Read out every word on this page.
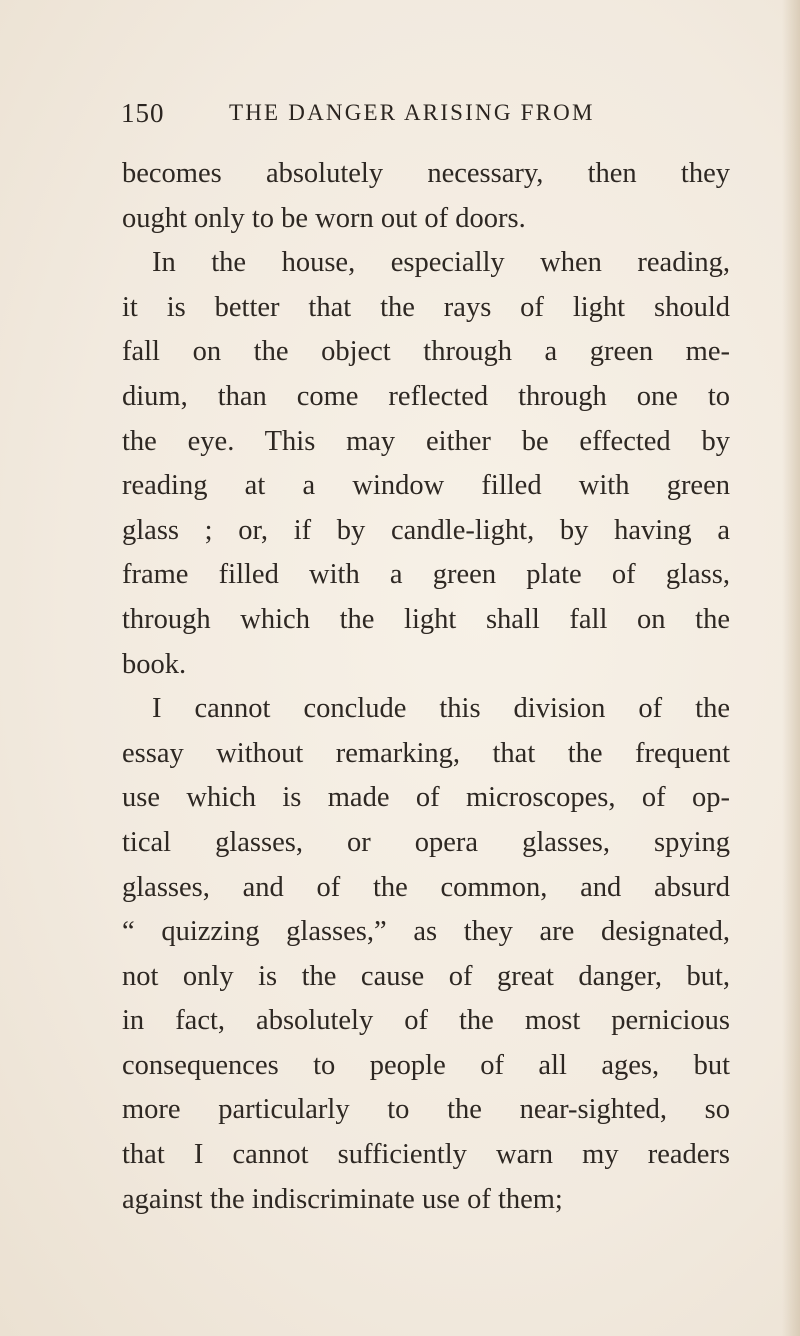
150	THE DANGER ARISING FROM
becomes absolutely necessary, then they
ought only to be worn out of doors.
In the house, especially when reading,
it is better that the rays of light should
fall on the object through a green me-
dium, than come reflected through one to
the eye. This may either be effected by
reading at a window filled with green
glass ; or, if by candle-light, by having a
frame filled with a green plate of glass,
through which the light shall fall on the
book.
I cannot conclude this division of the
essay without remarking, that the frequent
use which is made of microscopes, of op-
tical glasses, or opera glasses, spying
glasses, and of the common, and absurd
“ quizzing glasses,” as they are designated,
not only is the cause of great danger, but,
in fact, absolutely of the most pernicious
consequences to people of all ages, but
more particularly to the near-sighted, so
that I cannot sufficiently warn my readers
against the indiscriminate use of them;
